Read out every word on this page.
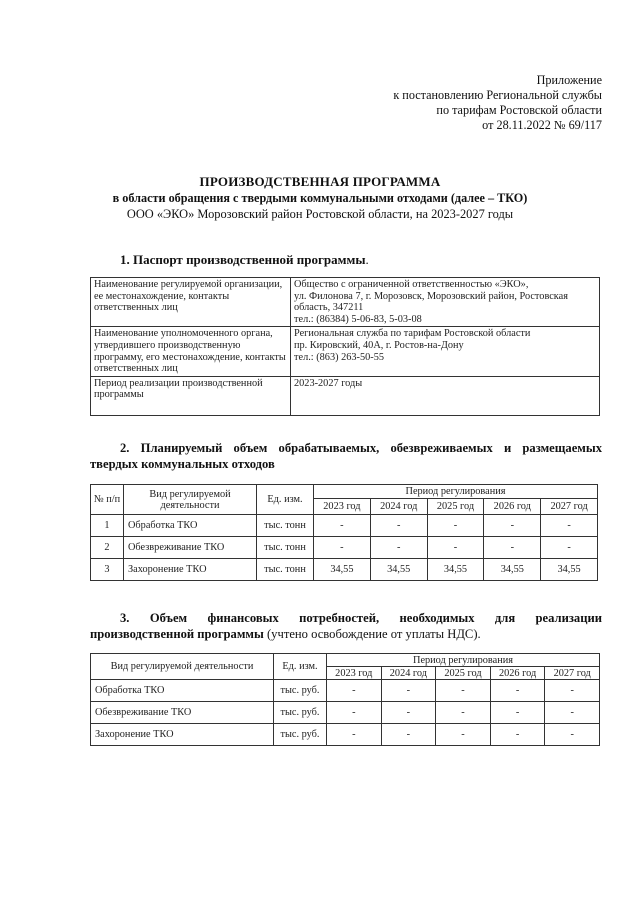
Приложение
к постановлению Региональной службы
по тарифам Ростовской области
от 28.11.2022 № 69/117
ПРОИЗВОДСТВЕННАЯ ПРОГРАММА
в области обращения с твердыми коммунальными отходами (далее – ТКО)
ООО «ЭКО» Морозовский район Ростовской области, на 2023-2027 годы
1. Паспорт производственной программы.
Наименование регулируемой организации, ее местонахождение, контакты ответственных лиц	Общество с ограниченной ответственностью «ЭКО»,
ул. Филонова 7, г. Морозовск, Морозовский район, Ростовская область, 347211
тел.: (86384) 5-06-83, 5-03-08

Наименование уполномоченного органа, утвердившего производственную программу, его местонахождение, контакты ответственных лиц	Региональная служба по тарифам Ростовской области
пр. Кировский, 40А, г. Ростов-на-Дону
тел.: (863) 263-50-55

Период реализации производственной программы	2023-2027 годы
2. Планируемый объем обрабатываемых, обезвреживаемых и размещаемых
твердых коммунальных отходов
№ п/п	Вид регулируемой деятельности	Ед. изм.	Период регулирования				
			2023 год	2024 год	2025 год	2026 год	2027 год
1	Обработка ТКО	тыс. тонн	-	-	-	-	-
2	Обезвреживание ТКО	тыс. тонн	-	-	-	-	-
3	Захоронение ТКО	тыс. тонн	34,55	34,55	34,55	34,55	34,55
3. Объем финансовых потребностей, необходимых для реализации
производственной программы (учтено освобождение от уплаты НДС).
Вид регулируемой деятельности	Ед. изм.	Период регулирования				
		2023 год	2024 год	2025 год	2026 год	2027 год
Обработка ТКО	тыс. руб.	-	-	-	-	-
Обезвреживание ТКО	тыс. руб.	-	-	-	-	-
Захоронение ТКО	тыс. руб.	-	-	-	-	-
